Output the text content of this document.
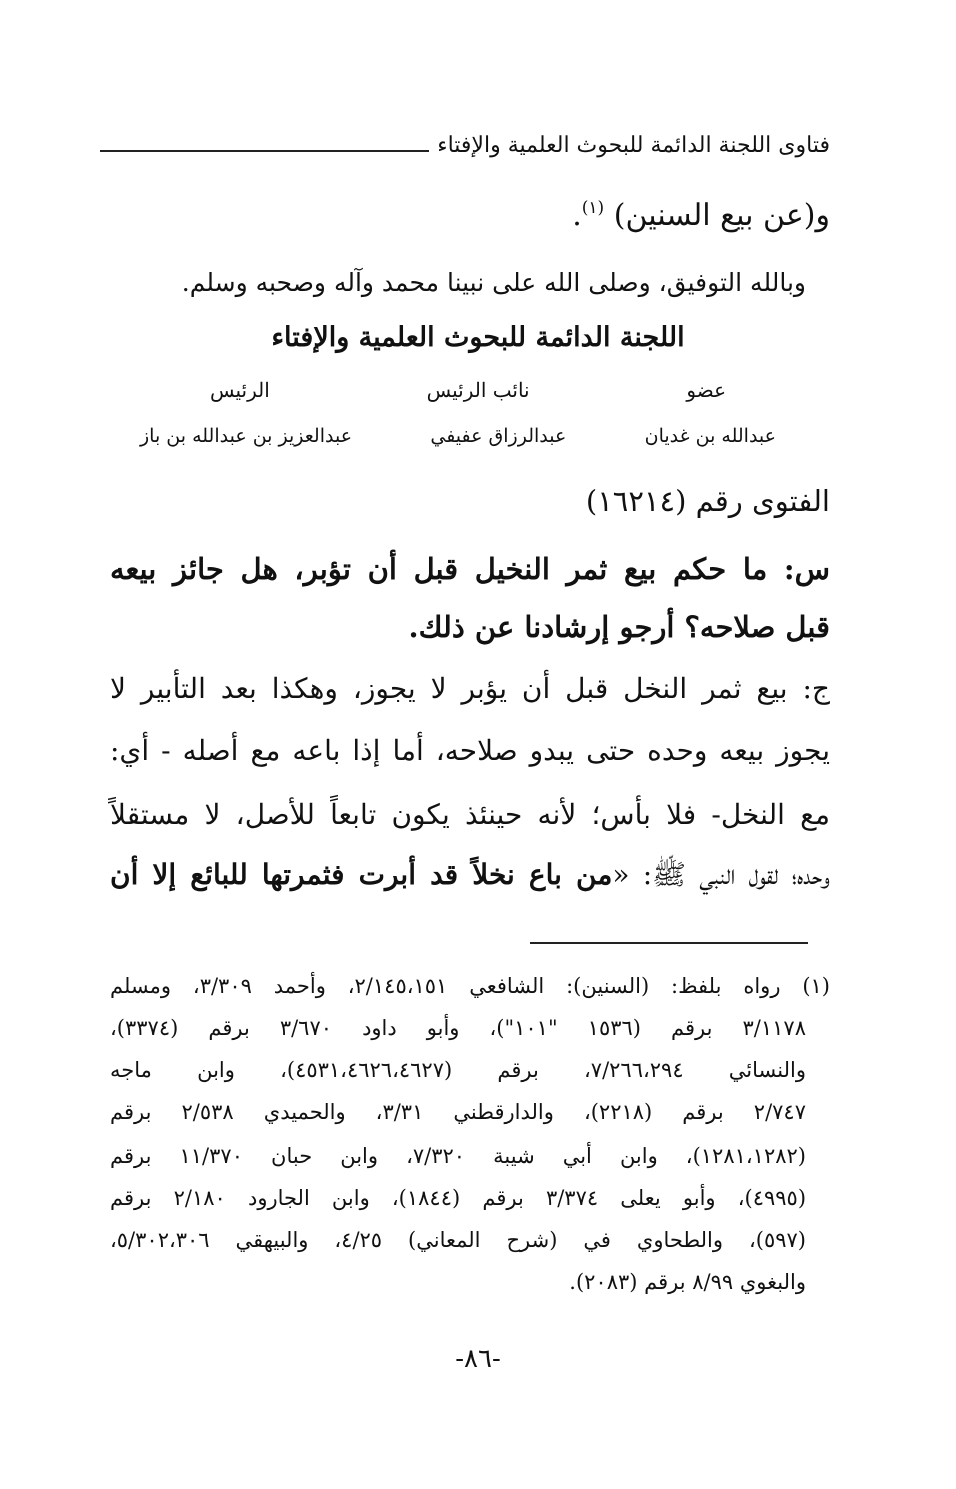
فتاوى اللجنة الدائمة للبحوث العلمية والإفتاء
و(عن بيع السنين) $^{(١)}$.
وبالله التوفيق، وصلى الله على نبينا محمد وآله وصحبه وسلم.
اللجنة الدائمة للبحوث العلمية والإفتاء
عضو
نائب الرئيس
الرئيس
عبدالله بن غديان
عبدالرزاق عفيفي
عبدالعزيز بن عبدالله بن باز
الفتوى رقم (١٦٢١٤)
س: ما حكم بيع ثمر النخيل قبل أن تؤبر، هل جائز بيعه
قبل صلاحه؟ أرجو إرشادنا عن ذلك.
ج: بيع ثمر النخل قبل أن يؤبر لا يجوز، وهكذا بعد التأبير لا
يجوز بيعه وحده حتى يبدو صلاحه، أما إذا باعه مع أصله - أي:
مع النخل- فلا بأس؛ لأنه حينئذ يكون تابعاً للأصل، لا مستقلاً
وحده؛ لقول النبي ﷺ: «من باع نخلاً قد أبرت فثمرتها للبائع إلا أن
(١) رواه بلفظ: (السنين): الشافعي ٢/١٤٥،١٥١، وأحمد ٣/٣٠٩، ومسلم
٣/١١٧٨ برقم (١٥٣٦ "١٠١")، وأبو داود ٣/٦٧٠ برقم (٣٣٧٤)،
والنسائي ٧/٢٦٦،٢٩٤، برقم (٤٥٣١،٤٦٢٦،٤٦٢٧)، وابن ماجه
٢/٧٤٧ برقم (٢٢١٨)، والدارقطني ٣/٣١، والحميدي ٢/٥٣٨ برقم
(١٢٨١،١٢٨٢)، وابن أبي شيبة ٧/٣٢٠، وابن حبان ١١/٣٧٠ برقم
(٤٩٩٥)، وأبو يعلى ٣/٣٧٤ برقم (١٨٤٤)، وابن الجارود ٢/١٨٠ برقم
(٥٩٧)، والطحاوي في (شرح المعاني) ٤/٢٥، والبيهقي ٥/٣٠٢،٣٠٦،
والبغوي ٨/٩٩ برقم (٢٠٨٣).
-٨٦-
